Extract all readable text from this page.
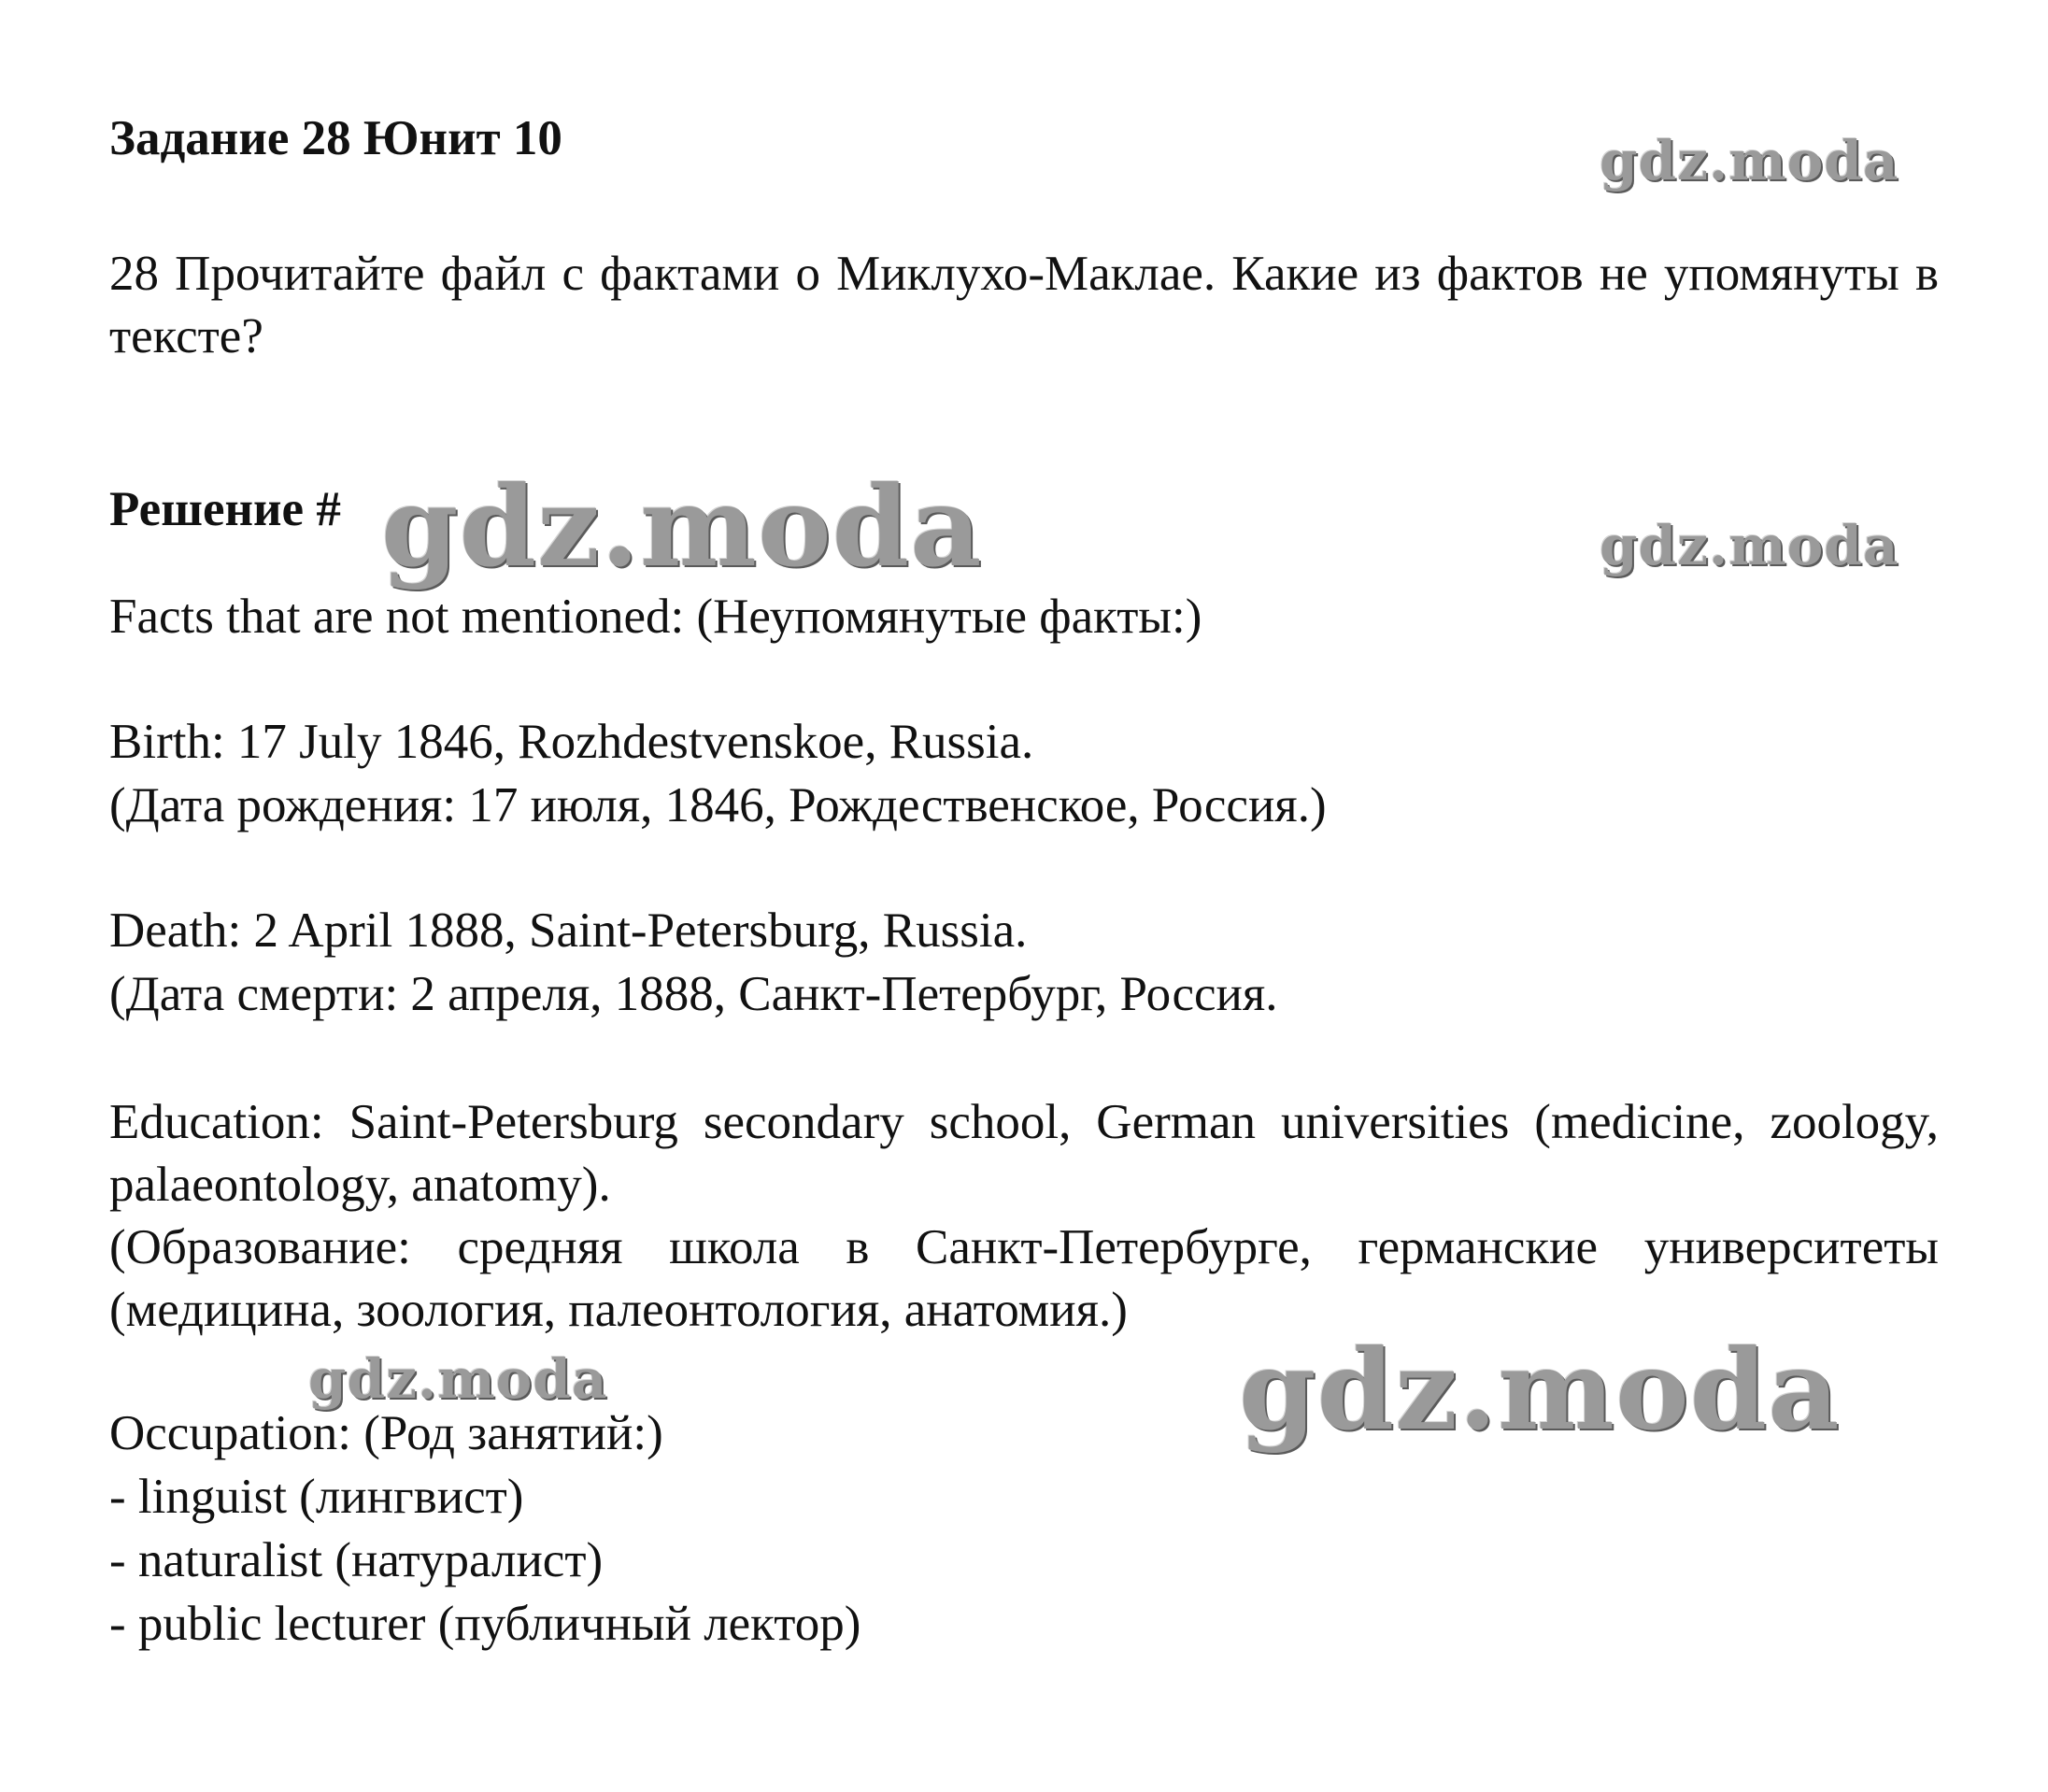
Задание 28 Юнит 10
28 Прочитайте файл с фактами о Миклухо-Маклае. Какие из фактов не упомянуты в тексте?
Решение #
Facts that are not mentioned: (Неупомянутые факты:)
Birth: 17 July 1846, Rozhdestvenskoe, Russia.
(Дата рождения: 17 июля, 1846, Рождественское, Россия.)
Death: 2 April 1888, Saint-Petersburg, Russia.
(Дата смерти: 2 апреля, 1888, Санкт-Петербург, Россия.
Education: Saint-Petersburg secondary school, German universities (medicine, zoology, palaeontology, anatomy).
(Образование: средняя школа в Санкт-Петербурге, германские университеты (медицина, зоология, палеонтология, анатомия.)
Occupation: (Род занятий:)
- linguist (лингвист)
- naturalist (натуралист)
- public lecturer (публичный лектор)
gdz.moda
gdz.moda	gdz.moda
gdz.moda	gdz.moda
